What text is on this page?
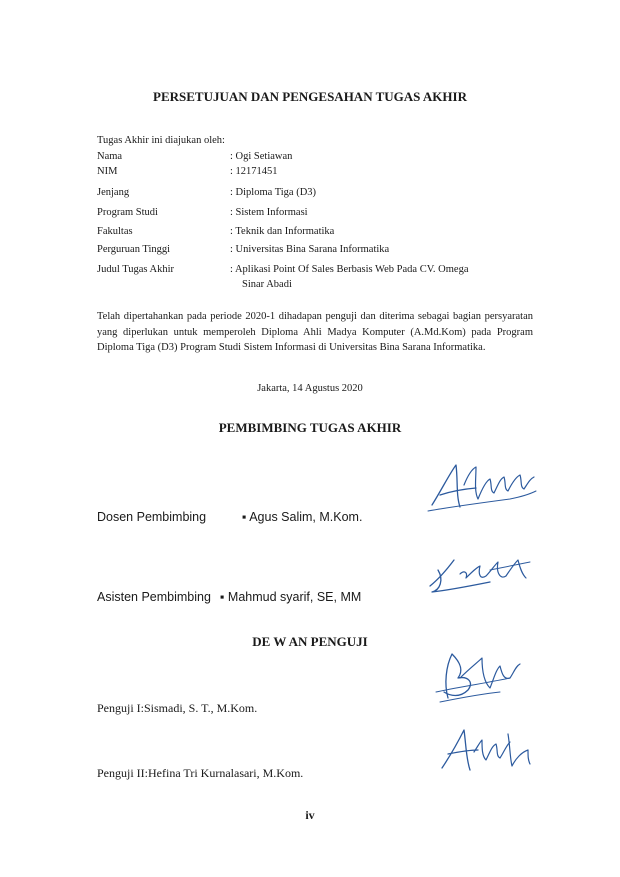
PERSETUJUAN DAN PENGESAHAN TUGAS AKHIR
Tugas Akhir ini diajukan oleh:
Nama	: Ogi Setiawan
NIM	: 12171451
Jenjang	: Diploma Tiga (D3)
Program Studi	: Sistem Informasi
Fakultas	: Teknik dan Informatika
Perguruan Tinggi	: Universitas Bina Sarana Informatika
Judul Tugas Akhir	: Aplikasi Point Of Sales Berbasis Web Pada CV. Omega
Sinar Abadi
Telah dipertahankan pada periode 2020-1 dihadapan penguji dan diterima sebagai bagian persyaratan yang diperlukan untuk memperoleh Diploma Ahli Madya Komputer (A.Md.Kom) pada Program Diploma Tiga (D3) Program Studi Sistem Informasi di Universitas Bina Sarana Informatika.
Jakarta, 14 Agustus 2020
PEMBIMBING TUGAS AKHIR
Dosen Pembimbing	▪ Agus Salim, M.Kom.
Asisten Pembimbing ▪ Mahmud syarif, SE, MM
DE W AN PENGUJI
Penguji I:Sismadi, S. T., M.Kom.
Penguji II:Hefina Tri Kurnalasari, M.Kom.
iv
